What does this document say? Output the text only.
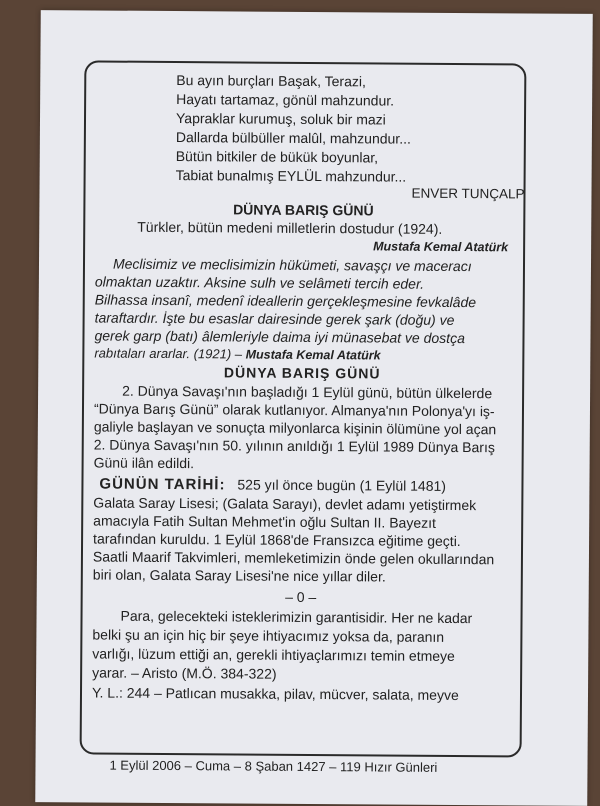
Bu ayın burçları Başak, Terazi,
Hayatı tartamaz, gönül mahzundur.
Yapraklar kurumuş, soluk bir mazi
Dallarda bülbüller malûl, mahzundur...
Bütün bitkiler de bükük boyunlar,
Tabiat bunalmış EYLÜL mahzundur...
ENVER TUNÇALP
DÜNYA BARIŞ GÜNÜ
Türkler, bütün medeni milletlerin dostudur (1924).
Mustafa Kemal Atatürk
Meclisimiz ve meclisimizin hükümeti, savaşçı ve maceracı
olmaktan uzaktır. Aksine sulh ve selâmeti tercih eder.
Bilhassa insanî, medenî ideallerin gerçekleşmesine fevkalâde
taraftardır. İşte bu esaslar dairesinde gerek şark (doğu) ve
gerek garp (batı) âlemleriyle daima iyi münasebat ve dostça
rabıtaları ararlar. (1921) – Mustafa Kemal Atatürk
DÜNYA BARIŞ GÜNÜ
2. Dünya Savaşı'nın başladığı 1 Eylül günü, bütün ülkelerde
“Dünya Barış Günü” olarak kutlanıyor. Almanya'nın Polonya'yı iş-
galiyle başlayan ve sonuçta milyonlarca kişinin ölümüne yol açan
2. Dünya Savaşı'nın 50. yılının anıldığı 1 Eylül 1989 Dünya Barış
Günü ilân edildi.
GÜNÜN TARİHİ: 525 yıl önce bugün (1 Eylül 1481)
Galata Saray Lisesi; (Galata Sarayı), devlet adamı yetiştirmek
amacıyla Fatih Sultan Mehmet'in oğlu Sultan II. Bayezıt
tarafından kuruldu. 1 Eylül 1868'de Fransızca eğitime geçti.
Saatli Maarif Takvimleri, memleketimizin önde gelen okullarından
biri olan, Galata Saray Lisesi'ne nice yıllar diler.
– 0 –
Para, gelecekteki isteklerimizin garantisidir. Her ne kadar
belki şu an için hiç bir şeye ihtiyacımız yoksa da, paranın
varlığı, lüzum ettiği an, gerekli ihtiyaçlarımızı temin etmeye
yarar. – Aristo (M.Ö. 384-322)
Y. L.: 244 – Patlıcan musakka, pilav, mücver, salata, meyve
1 Eylül 2006 – Cuma – 8 Şaban 1427 – 119 Hızır Günleri
